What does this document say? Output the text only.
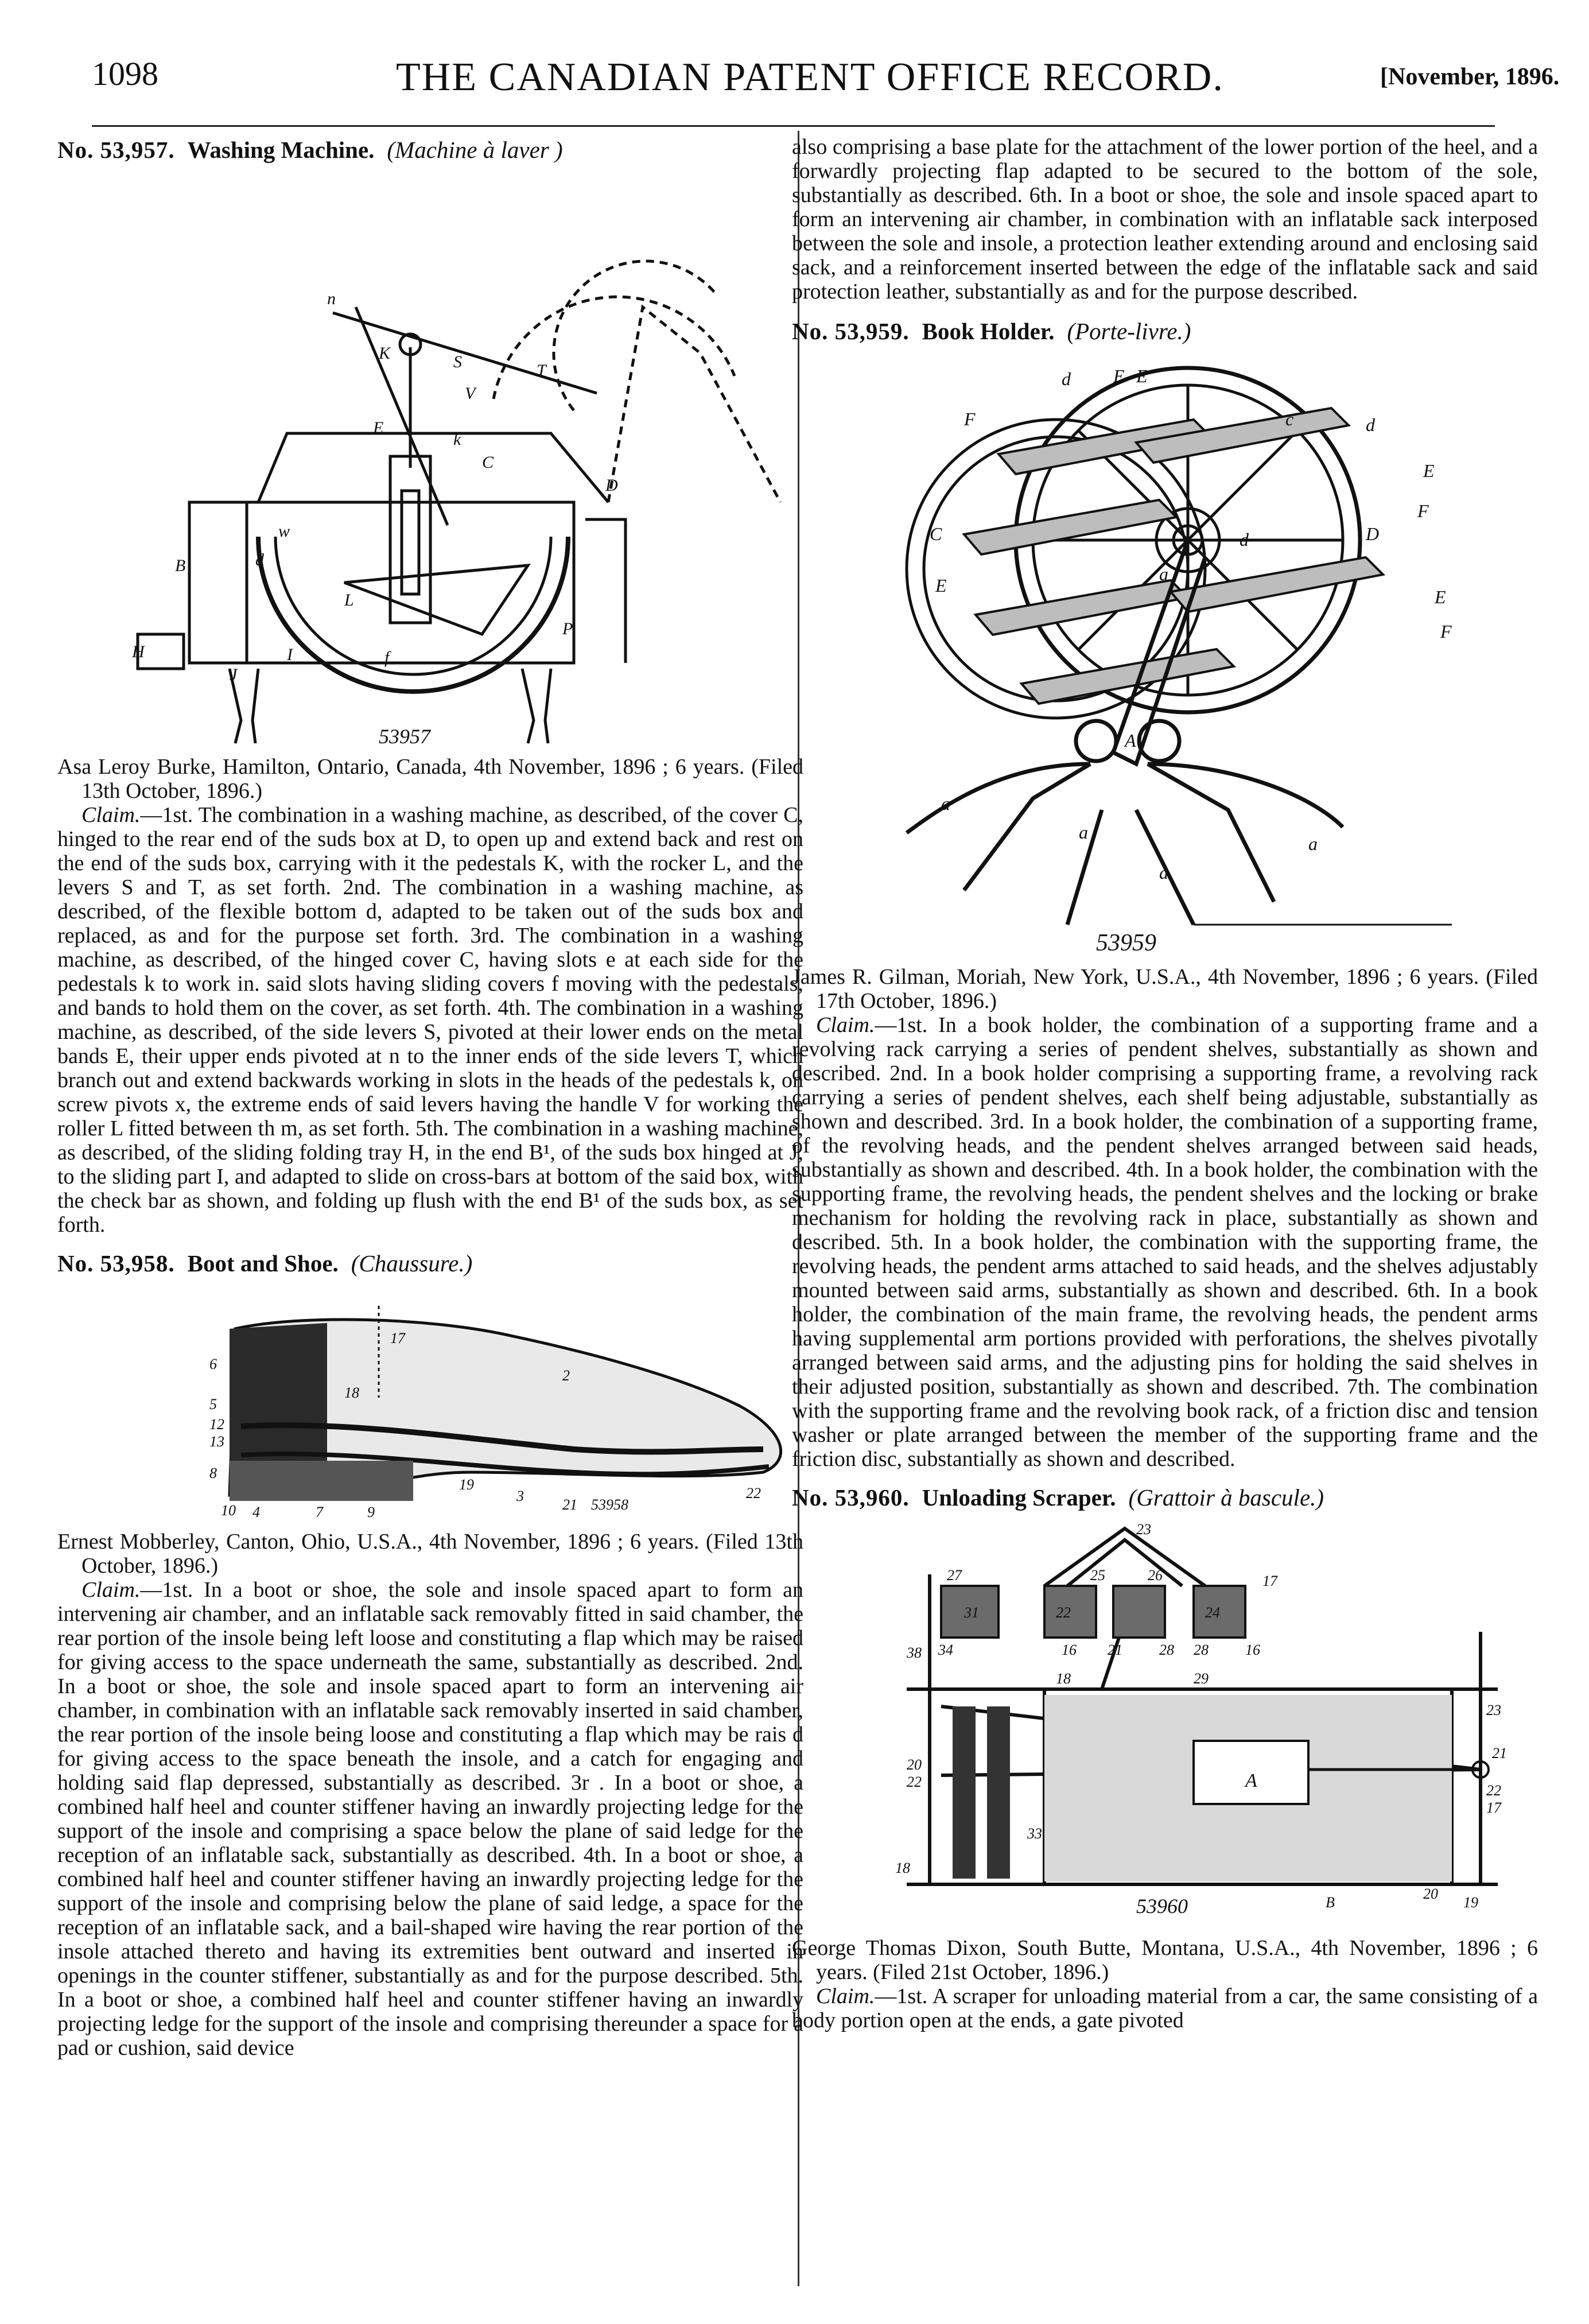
1098	THE CANADIAN PATENT OFFICE RECORD.	[November, 1896.
No. 53,957. Washing Machine. (Machine à laver )
53957
n
S
K
T
V
C
D
H
E
B	d
w
L
P
I
k
f
J

Asa Leroy Burke, Hamilton, Ontario, Canada, 4th November, 1896 ; 6 years. (Filed 13th October, 1896.)

Claim.—1st. The combination in a washing machine, as described, of the cover C, hinged to the rear end of the suds box at D, to open up and extend back and rest on the end of the suds box, carrying with it the pedestals K, with the rocker L, and the levers S and T, as set forth. 2nd. The combination in a washing machine, as described, of the flexible bottom d, adapted to be taken out of the suds box and replaced, as and for the purpose set forth. 3rd. The combination in a washing machine, as described, of the hinged cover C, having slots e at each side for the pedestals k to work in. said slots having sliding covers f moving with the pedestals, and bands to hold them on the cover, as set forth. 4th. The combination in a washing machine, as described, of the side levers S, pivoted at their lower ends on the metal bands E, their upper ends pivoted at n to the inner ends of the side levers T, which branch out and extend backwards working in slots in the heads of the pedestals k, on screw pivots x, the extreme ends of said levers having the handle V for working the roller L fitted between th m, as set forth. 5th. The combination in a washing machine, as described, of the sliding folding tray H, in the end B¹, of the suds box hinged at J, to the sliding part I, and adapted to slide on cross-bars at bottom of the said box, with the check bar as shown, and folding up flush with the end B¹ of the suds box, as set forth.

No. 53,958. Boot and Shoe. (Chaussure.)
6
5
12
13
8
10 4	7	9
17
18
2
19
3
21
22
53958

Ernest Mobberley, Canton, Ohio, U.S.A., 4th November, 1896 ; 6 years. (Filed 13th October, 1896.)

Claim.—1st. In a boot or shoe, the sole and insole spaced apart to form an intervening air chamber, and an inflatable sack removably fitted in said chamber, the rear portion of the insole being left loose and constituting a flap which may be raised for giving access to the space underneath the same, substantially as described. 2nd. In a boot or shoe, the sole and insole spaced apart to form an intervening air chamber, in combination with an inflatable sack removably inserted in said chamber, the rear portion of the insole being loose and constituting a flap which may be rais d for giving access to the space beneath the insole, and a catch for engaging and holding said flap depressed, substantially as described. 3r . In a boot or shoe, a combined half heel and counter stiffener having an inwardly projecting ledge for the support of the insole and comprising a space below the plane of said ledge for the reception of an inflatable sack, substantially as described. 4th. In a boot or shoe, a combined half heel and counter stiffener having an inwardly projecting ledge for the support of the insole and comprising below the plane of said ledge, a space for the reception of an inflatable sack, and a bail-shaped wire having the rear portion of the insole attached thereto and having its extremities bent outward and inserted in openings in the counter stiffener, substantially as and for the purpose described. 5th. In a boot or shoe, a combined half heel and counter stiffener having an inwardly projecting ledge for the support of the insole and comprising thereunder a space for a pad or cushion, said device

also comprising a base plate for the attachment of the lower portion of the heel, and a forwardly projecting flap adapted to be secured to the bottom of the sole, substantially as described. 6th. In a boot or shoe, the sole and insole spaced apart to form an intervening air chamber, in combination with an inflatable sack interposed between the sole and insole, a protection leather extending around and enclosing said sack, and a reinforcement inserted between the edge of the inflatable sack and said protection leather, substantially as and for the purpose described.

No. 53,959. Book Holder. (Porte-livre.)
d E E
F	d
c
E
F
C	d
E
D
a
E
F
A
a
a
a
a
53959

James R. Gilman, Moriah, New York, U.S.A., 4th November, 1896 ; 6 years. (Filed 17th October, 1896.)

Claim.—1st. In a book holder, the combination of a supporting frame and a revolving rack carrying a series of pendent shelves, substantially as shown and described. 2nd. In a book holder comprising a supporting frame, a revolving rack carrying a series of pendent shelves, each shelf being adjustable, substantially as shown and described. 3rd. In a book holder, the combination of a supporting frame, of the revolving heads, and the pendent shelves arranged between said heads, substantially as shown and described. 4th. In a book holder, the combination with the supporting frame, the revolving heads, the pendent shelves and the locking or brake mechanism for holding the revolving rack in place, substantially as shown and described. 5th. In a book holder, the combination with the supporting frame, the revolving heads, the pendent arms attached to said heads, and the shelves adjustably mounted between said arms, substantially as shown and described. 6th. In a book holder, the combination of the main frame, the revolving heads, the pendent arms having supplemental arm portions provided with perforations, the shelves pivotally arranged between said arms, and the adjusting pins for holding the said shelves in their adjusted position, substantially as shown and described. 7th. The combination with the supporting frame and the revolving book rack, of a friction disc and tension washer or plate arranged between the member of the supporting frame and the friction disc, substantially as shown and described.

No. 53,960. Unloading Scraper. (Grattoir à bascule.)
23
25	26
27	17
31	22	24
28	16
16 21	28
38 34
18	29
20
22
33
A
21
23
22
17
18
20
B	19
53960

George Thomas Dixon, South Butte, Montana, U.S.A., 4th November, 1896 ; 6 years. (Filed 21st October, 1896.)

Claim.—1st. A scraper for unloading material from a car, the same consisting of a body portion open at the ends, a gate pivoted
